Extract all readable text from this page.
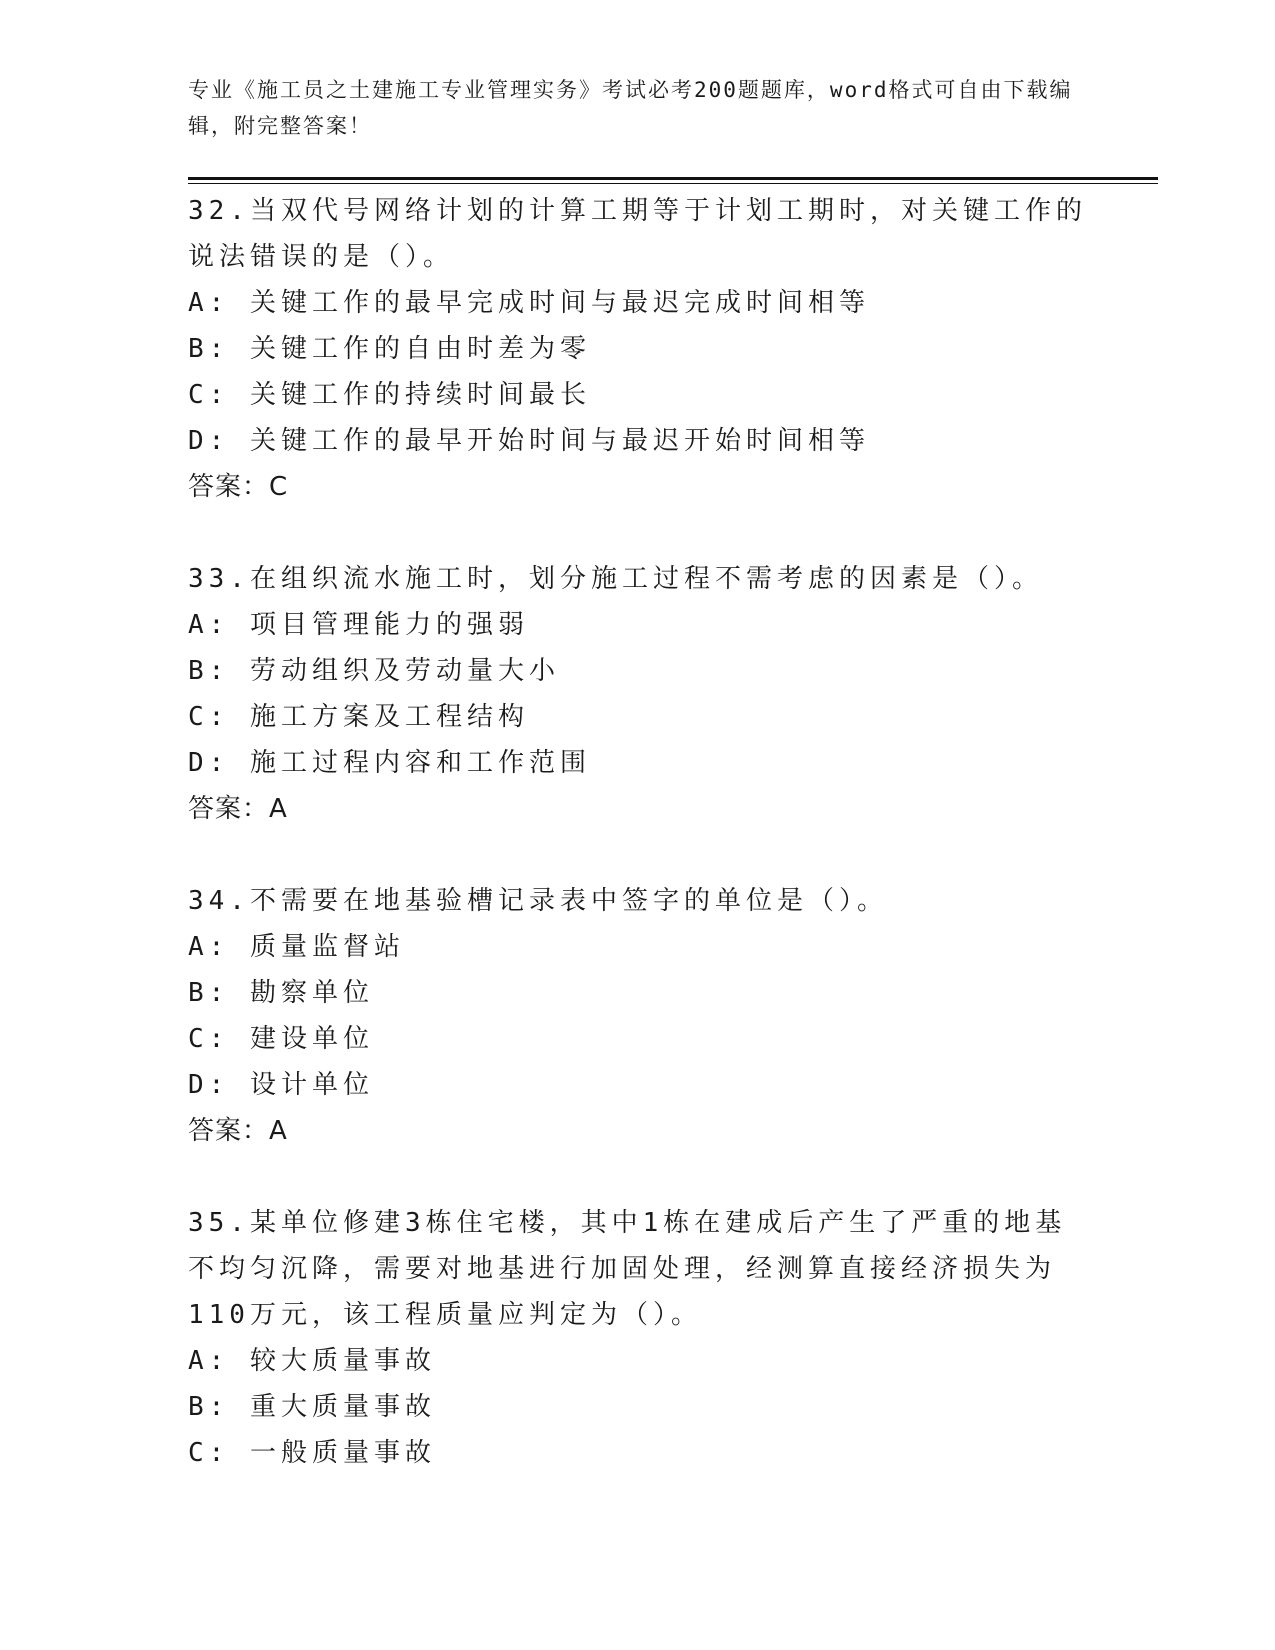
专业《施工员之土建施工专业管理实务》考试必考200题题库，word格式可自由下载编辑，附完整答案！

32.当双代号网络计划的计算工期等于计划工期时，对关键工作的说法错误的是（）。

A: 关键工作的最早完成时间与最迟完成时间相等

B: 关键工作的自由时差为零

C: 关键工作的持续时间最长

D: 关键工作的最早开始时间与最迟开始时间相等

答案：C

33.在组织流水施工时，划分施工过程不需考虑的因素是（）。

A: 项目管理能力的强弱

B: 劳动组织及劳动量大小

C: 施工方案及工程结构

D: 施工过程内容和工作范围

答案：A

34.不需要在地基验槽记录表中签字的单位是（）。

A: 质量监督站

B: 勘察单位

C: 建设单位

D: 设计单位

答案：A

35.某单位修建3栋住宅楼，其中1栋在建成后产生了严重的地基不均匀沉降，需要对地基进行加固处理，经测算直接经济损失为110万元，该工程质量应判定为（）。

A: 较大质量事故

B: 重大质量事故

C: 一般质量事故
